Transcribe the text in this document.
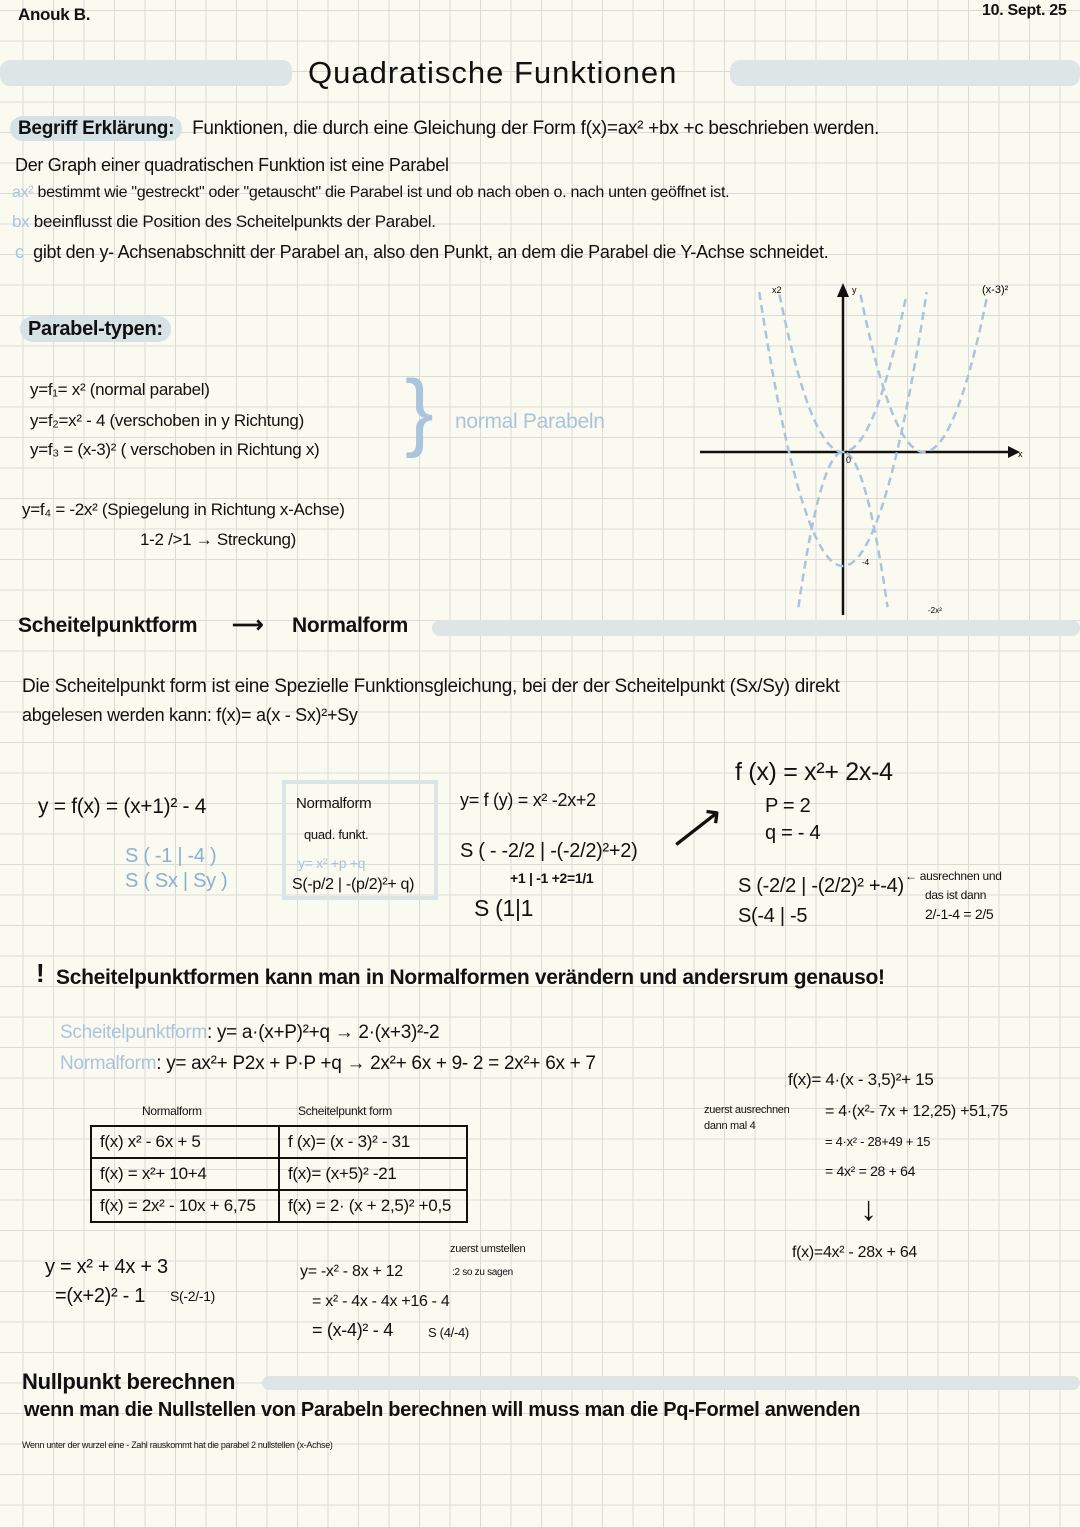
Anouk B.	10. Sept. 25
Quadratische Funktionen
Begriff Erklärung: Funktionen, die durch eine Gleichung der Form f(x)=ax² +bx +c beschrieben werden.
Der Graph einer quadratischen Funktion ist eine Parabel
ax² bestimmt wie "gestreckt" oder "getauscht" die Parabel ist und ob nach oben o. nach unten geöffnet ist.
bx beeinflusst die Position des Scheitelpunkts der Parabel.
c gibt den y- Achsenabschnitt der Parabel an, also den Punkt, an dem die Parabel die Y-Achse schneidet.
Parabel-typen:
y=f₁= x² (normal parabel)
y=f₂=x² - 4 (verschoben in y Richtung)
y=f₃ = (x-3)² ( verschoben in Richtung x) } normal Parabeln
y=f₄ = -2x² (Spiegelung in Richtung x-Achse)
1-2 />1 → Streckung)
x2	y	(x-3)²
x
0
-4
-2x²
Scheitelpunktform ⟶ Normalform
Die Scheitelpunkt form ist eine Spezielle Funktionsgleichung, bei der der Scheitelpunkt (Sx/Sy) direkt
abgelesen werden kann: f(x)= a(x - Sx)²+Sy
y = f(x) = (x+1)² - 4
S ( -1 | -4 )
S ( Sx | Sy )
Normalform
quad. funkt.
y= x² +p +q
S(-p/2 | -(p/2)²+ q)
y= f (y) = x² -2x+2
S ( - -2/2 | -(-2/2)²+2)
+1 | -1 +2=1/1
S (1|1
⟶
f (x) = x²+ 2x-4
P = 2
q = - 4
S (-2/2 | -(2/2)² +-4) ← ausrechnen und
das ist dann
2/-1-4 = 2/5
S(-4 | -5
! Scheitelpunktformen kann man in Normalformen verändern und andersrum genauso!
Scheitelpunktform: y= a·(x+P)²+q → 2·(x+3)²-2
Normalform: y= ax²+ P2x + P·P +q → 2x²+ 6x + 9- 2 = 2x²+ 6x + 7
Normalform	Scheitelpunkt form
f(x) x² - 6x + 5	f (x)= (x - 3)² - 31
f(x) = x²+ 10+4	f(x)= (x+5)² -21
f(x) = 2x² - 10x + 6,75	f(x) = 2· (x + 2,5)² +0,5
f(x)= 4·(x - 3,5)²+ 15
zuerst ausrechnen
dann mal 4
= 4·(x²- 7x + 12,25) +51,75
= 4·x² - 28+49 + 15
= 4x² = 28 + 64
↓
f(x)=4x² - 28x + 64
y = x² + 4x + 3
=(x+2)² - 1 S(-2/-1)
y= -x² - 8x + 12
zuerst umstellen
:2 so zu sagen
= x² - 4x - 4x +16 - 4
= (x-4)² - 4	S (4/-4)
Nullpunkt berechnen
wenn man die Nullstellen von Parabeln berechnen will muss man die Pq-Formel anwenden
Wenn unter der wurzel eine - Zahl rauskommt hat die parabel 2 nullstellen (x-Achse)
